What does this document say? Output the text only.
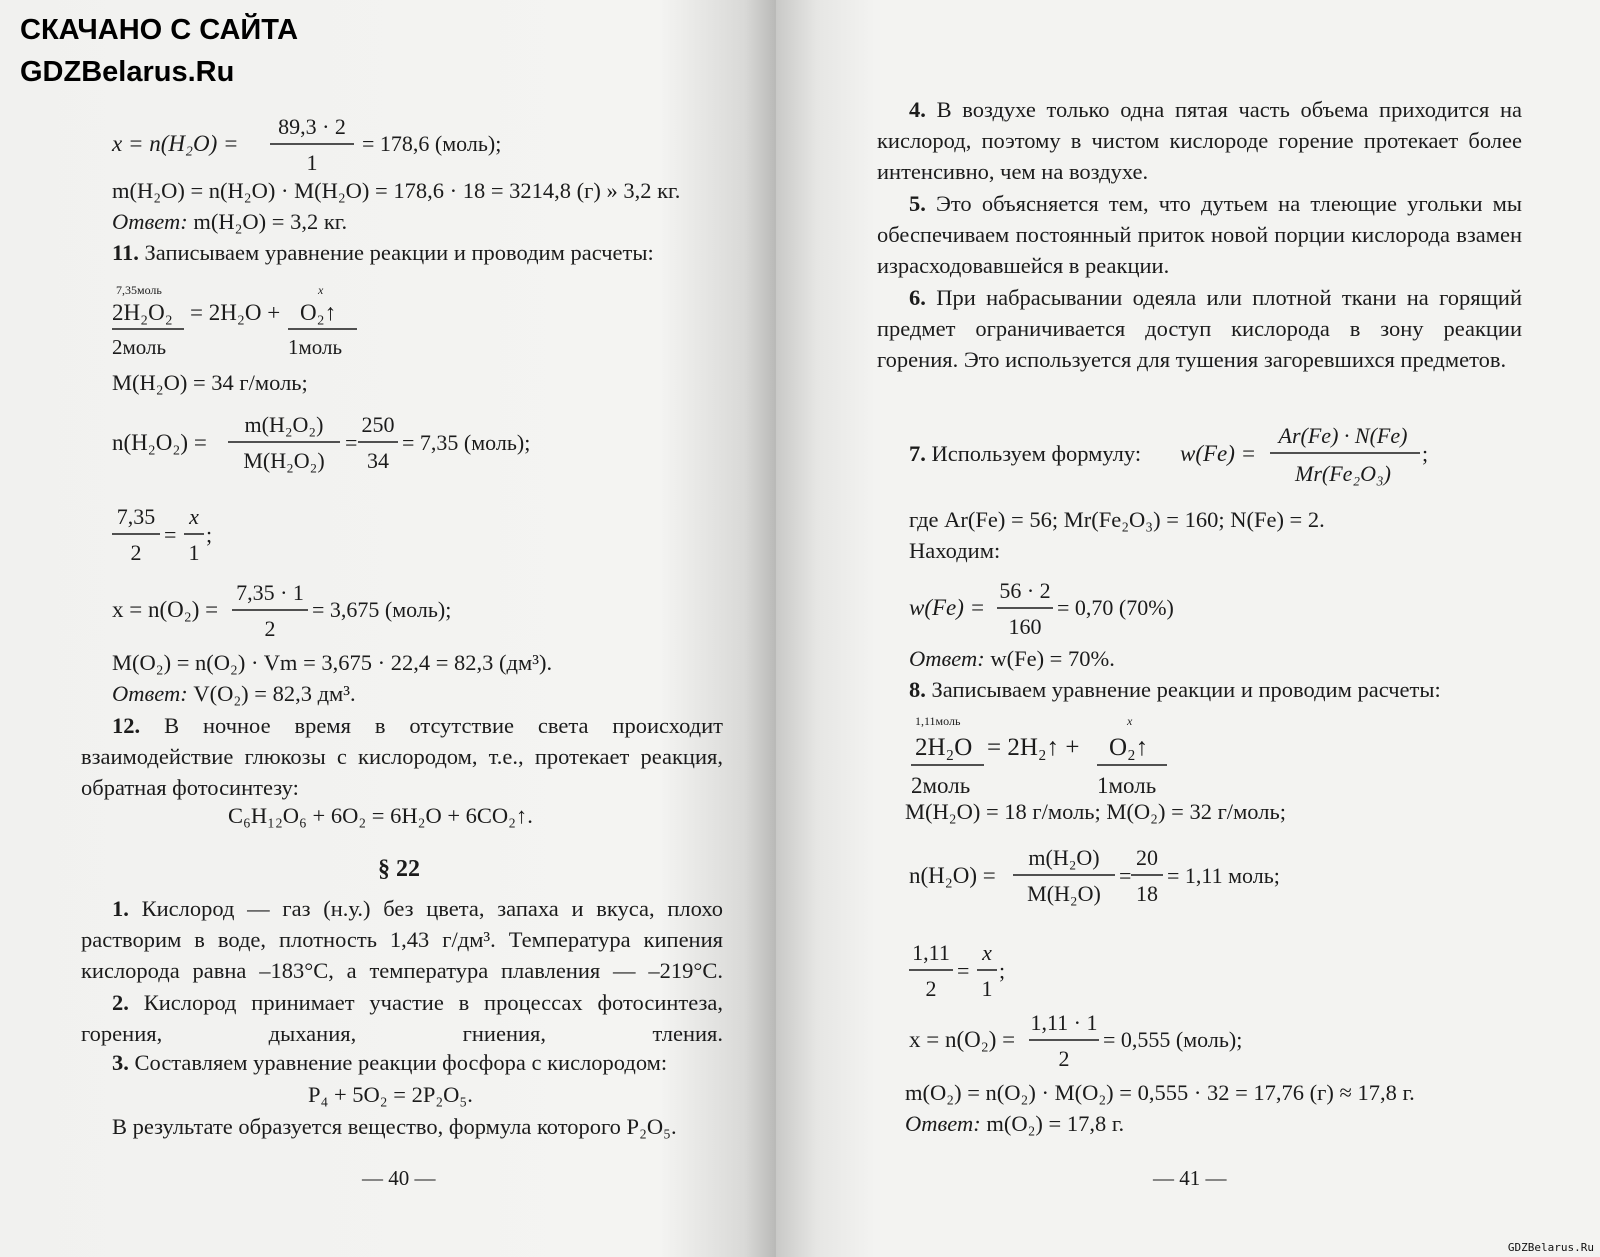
СКАЧАНО С САЙТА
GDZBelarus.Ru
x = n(H₂O) =
89,3 · 2
1
= 178,6 (моль);
m(H₂O) = n(H₂O) · M(H₂O) = 178,6 · 18 = 3214,8 (г) » 3,2 кг.
Ответ: m(H₂O) = 3,2 кг.
11. Записываем уравнение реакции и проводим расчеты:
7,35моль
2H₂O₂
2моль
= 2H₂O +
x
O₂↑
1моль
M(H₂O) = 34 г/моль;
n(H₂O₂) =
m(H₂O₂)
M(H₂O₂)
=
250
34
= 7,35 (моль);
7,35
2
=
x
1
;
x = n(O₂) =
7,35 · 1
2
= 3,675 (моль);
M(O₂) = n(O₂) · Vm = 3,675 · 22,4 = 82,3 (дм³).
Ответ: V(O₂) = 82,3 дм³.
12. В ночное время в отсутствие света происходит взаимодействие глюкозы с кислородом, т.е., протекает реакция, обратная фотосинтезу:
C₆H₁₂O₆ + 6O₂ = 6H₂O + 6CO₂↑.
§ 22
1. Кислород — газ (н.у.) без цвета, запаха и вкуса, плохо растворим в воде, плотность 1,43 г/дм³. Температура кипения кислорода равна –183°С, а температура плавления — –219°С.
2. Кислород принимает участие в процессах фотосинтеза, горения, дыхания, гниения, тления.
3. Составляем уравнение реакции фосфора с кислородом:
P₄ + 5O₂ = 2P₂O₅.
В результате образуется вещество, формула которого P₂O₅.
— 40 —
4. В воздухе только одна пятая часть объема приходится на кислород, поэтому в чистом кислороде горение протекает более интенсивно, чем на воздухе.
5. Это объясняется тем, что дутьем на тлеющие угольки мы обеспечиваем постоянный приток новой порции кислорода взамен израсходовавшейся в реакции.
6. При набрасывании одеяла или плотной ткани на горящий предмет ограничивается доступ кислорода в зону реакции горения. Это используется для тушения загоревшихся предметов.
7. Используем формулу: w(Fe) =
Ar(Fe) · N(Fe)
Mr(Fe₂O₃)
;
где Ar(Fe) = 56; Mr(Fe₂O₃) = 160; N(Fe) = 2.
Находим:
w(Fe) =
56 · 2
160
= 0,70 (70%)
Ответ: w(Fe) = 70%.
8. Записываем уравнение реакции и проводим расчеты:
1,11моль
2H₂O
2моль
= 2H₂↑ +
x
O₂↑
1моль
M(H₂O) = 18 г/моль; M(O₂) = 32 г/моль;
n(H₂O) =
m(H₂O)
M(H₂O)
=
20
18
= 1,11 моль;
1,11
2
=
x
1
;
x = n(O₂) =
1,11 · 1
2
= 0,555 (моль);
m(O₂) = n(O₂) · M(O₂) = 0,555 · 32 = 17,76 (г) ≈ 17,8 г.
Ответ: m(O₂) = 17,8 г.
— 41 —
GDZBelarus.Ru
